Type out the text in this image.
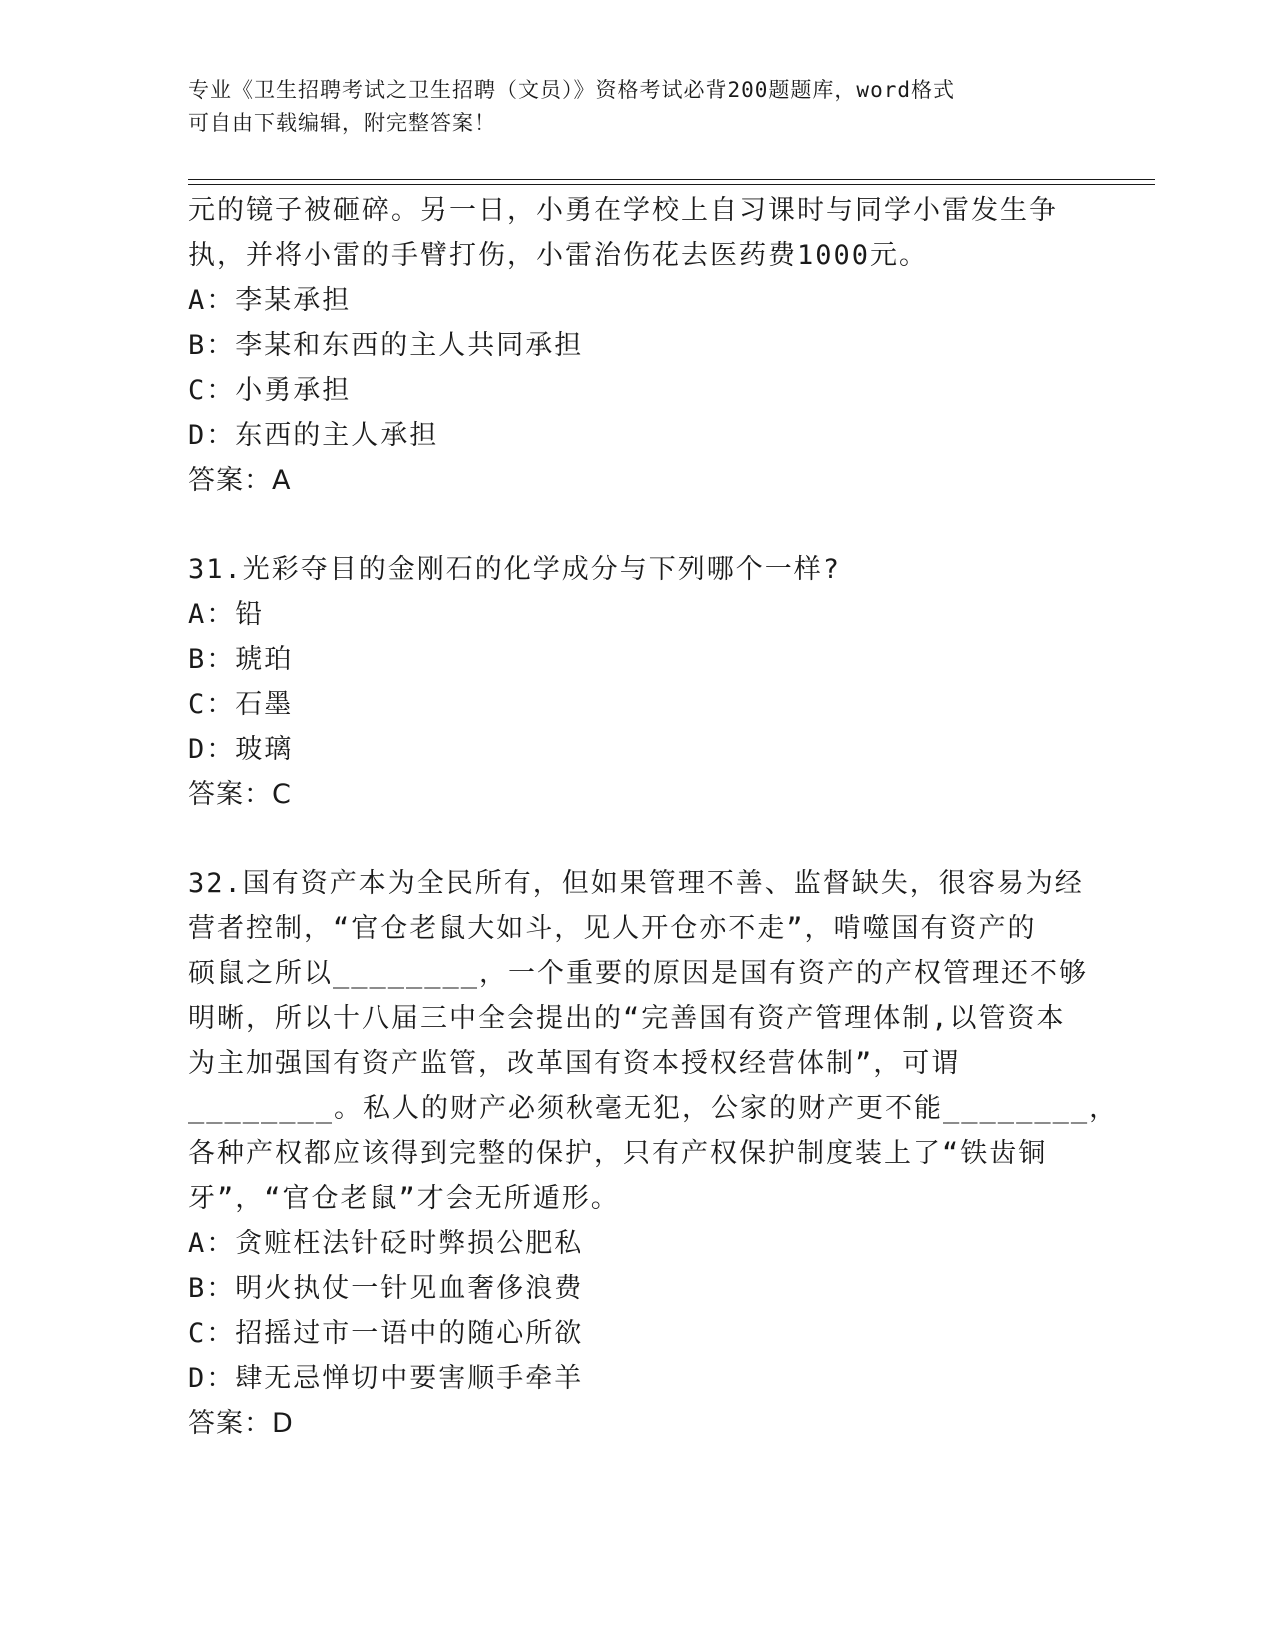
专业《卫生招聘考试之卫生招聘（文员）》资格考试必背200题题库，word格式
可自由下载编辑，附完整答案！
元的镜子被砸碎。另一日，小勇在学校上自习课时与同学小雷发生争
执，并将小雷的手臂打伤，小雷治伤花去医药费1000元。
A：李某承担
B：李某和东西的主人共同承担
C：小勇承担
D：东西的主人承担
答案：A
31.光彩夺目的金刚石的化学成分与下列哪个一样?
A：铅
B：琥珀
C：石墨
D：玻璃
答案：C
32.国有资产本为全民所有，但如果管理不善、监督缺失，很容易为经
营者控制，“官仓老鼠大如斗，见人开仓亦不走”，啃噬国有资产的
硕鼠之所以________，一个重要的原因是国有资产的产权管理还不够
明晰，所以十八届三中全会提出的“完善国有资产管理体制,以管资本
为主加强国有资产监管，改革国有资本授权经营体制”，可谓
________。私人的财产必须秋毫无犯，公家的财产更不能________，
各种产权都应该得到完整的保护，只有产权保护制度装上了“铁齿铜
牙”，“官仓老鼠”才会无所遁形。
A：贪赃枉法针砭时弊损公肥私
B：明火执仗一针见血奢侈浪费
C：招摇过市一语中的随心所欲
D：肆无忌惮切中要害顺手牵羊
答案：D
